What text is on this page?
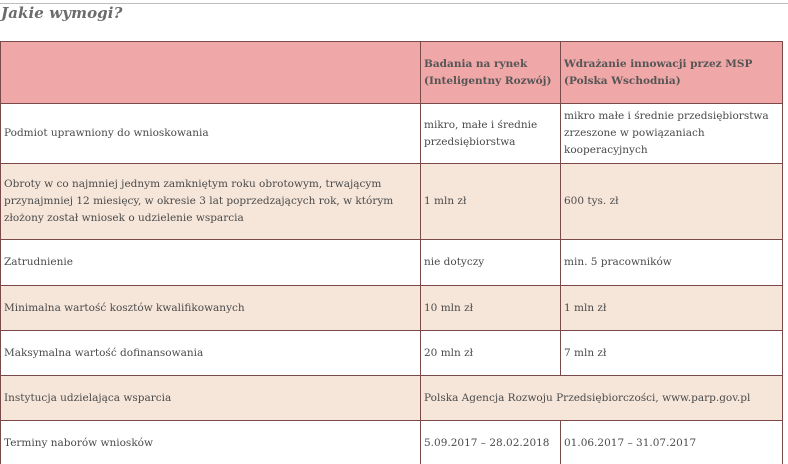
Jakie wymogi?
	Badania na rynek (Inteligentny Rozwój)	Wdrażanie innowacji przez MSP (Polska Wschodnia)
Podmiot uprawniony do wnioskowania	mikro, małe i średnie przedsiębiorstwa	mikro małe i średnie przedsiębiorstwa zrzeszone w powiązaniach kooperacyjnych
Obroty w co najmniej jednym zamkniętym roku obrotowym, trwającym przynajmniej 12 miesięcy, w okresie 3 lat poprzedzających rok, w którym złożony został wniosek o udzielenie wsparcia	1 mln zł	600 tys. zł
Zatrudnienie	nie dotyczy	min. 5 pracowników
Minimalna wartość kosztów kwalifikowanych	10 mln zł	1 mln zł
Maksymalna wartość dofinansowania	20 mln zł	7 mln zł
Instytucja udzielająca wsparcia	Polska Agencja Rozwoju Przedsiębiorczości, www.parp.gov.pl	
Terminy naborów wniosków	5.09.2017 – 28.02.2018	01.06.2017 – 31.07.2017
